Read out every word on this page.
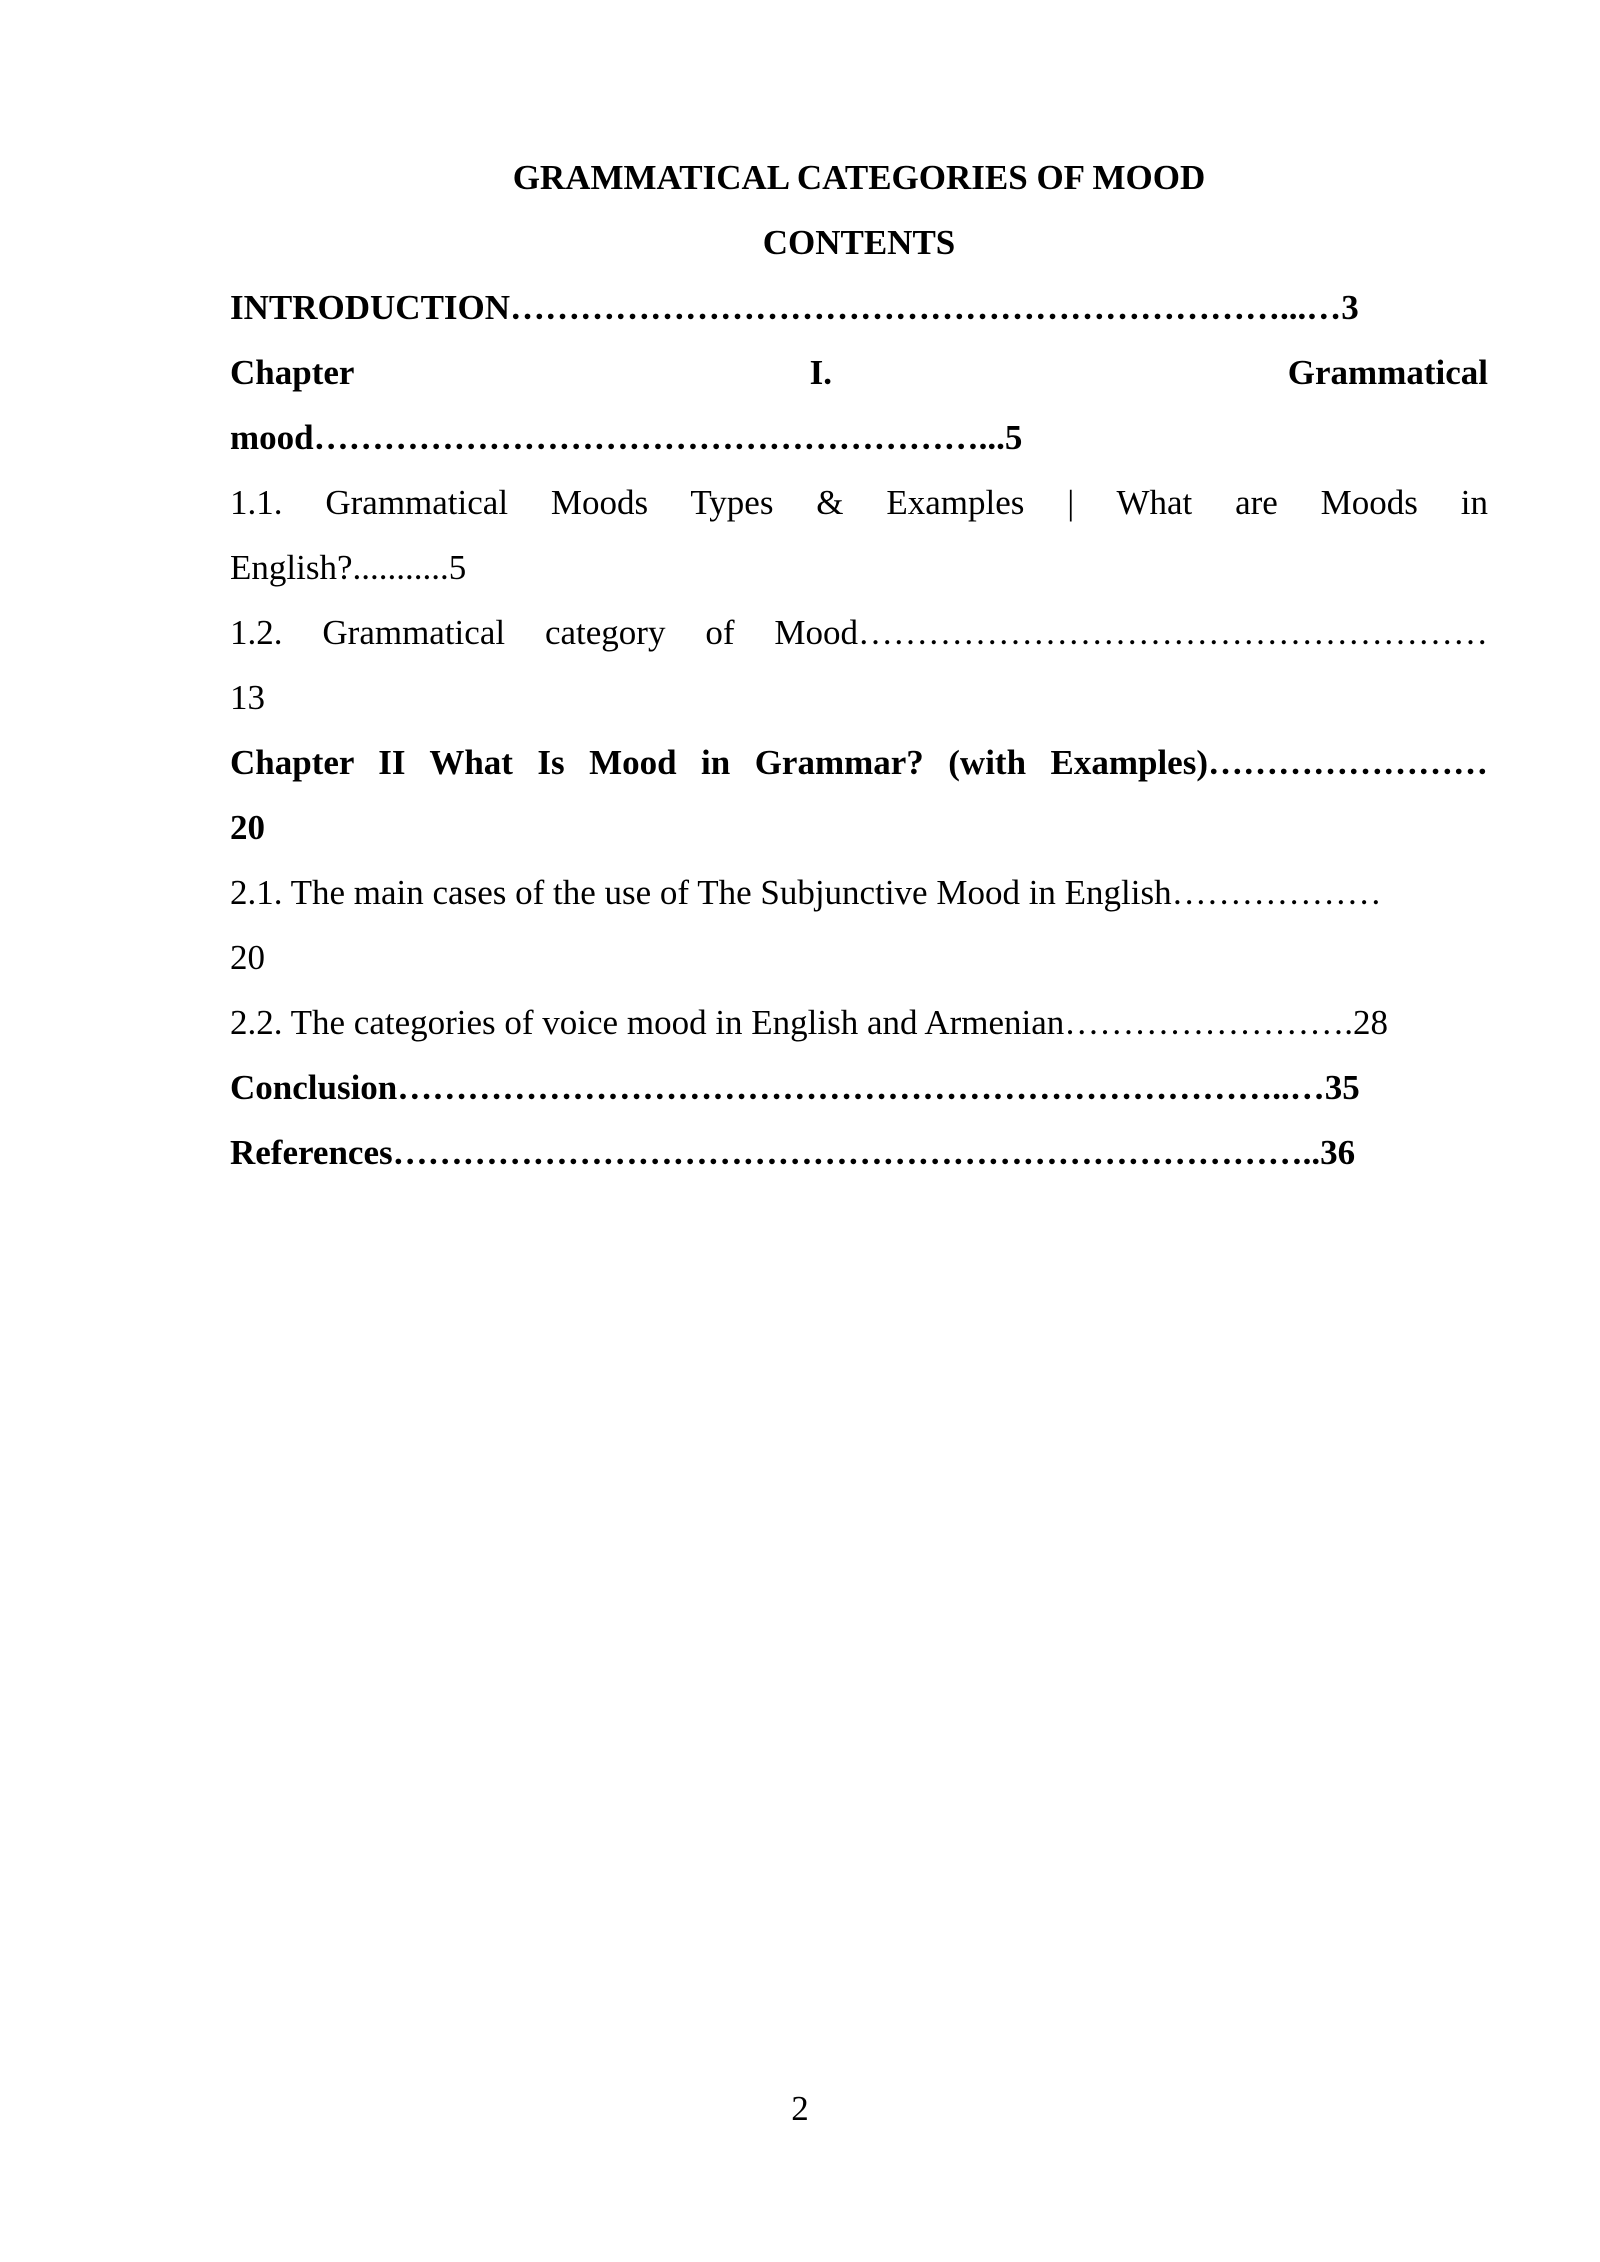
GRAMMATICAL CATEGORIES OF MOOD
CONTENTS
INTRODUCTION…………………………………………………………...…3
Chapter I. Grammatical
mood…………………………………………………...5
1.1. Grammatical Moods Types & Examples | What are Moods in
English?...........5
1.2. Grammatical category of Mood………………………………………………
13
Chapter II What Is Mood in Grammar? (with Examples)……………………
20
2.1. The main cases of the use of The Subjunctive Mood in English………………
20
2.2. The categories of voice mood in English and Armenian…………………….28
Conclusion…………………………………………………………………..…35
References……………………………………………………………………..36
2
